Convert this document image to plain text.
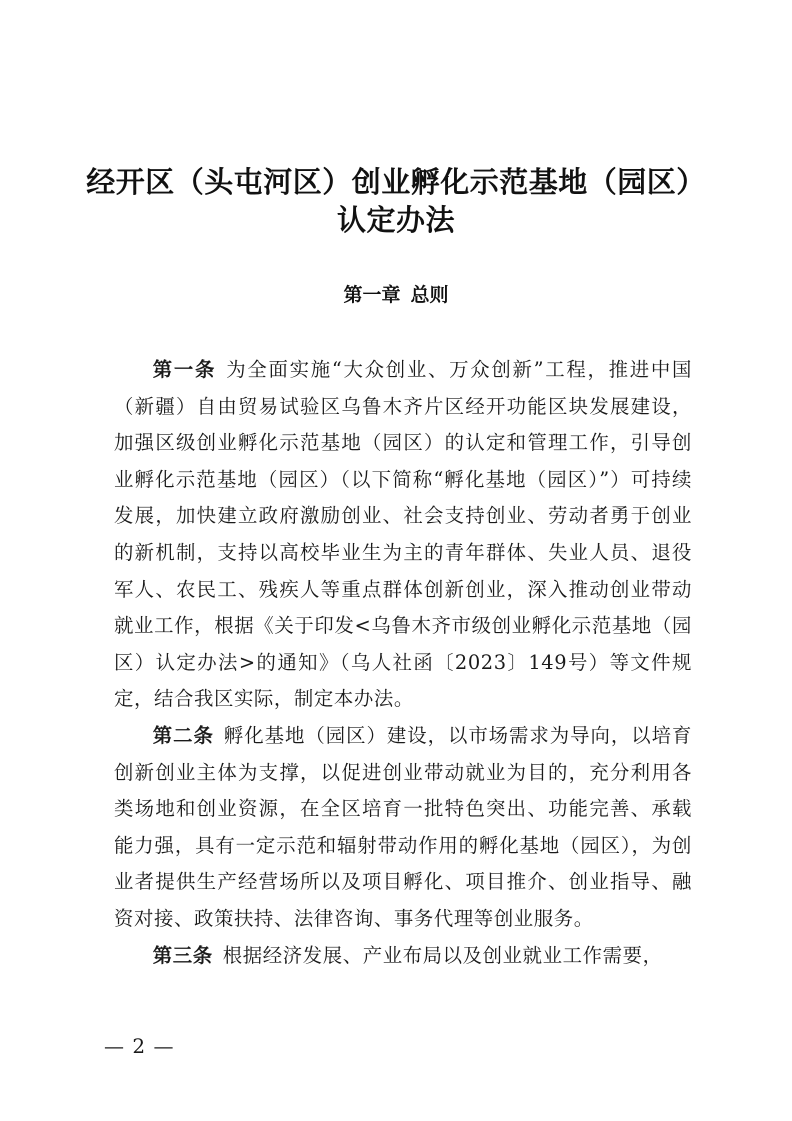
经开区（头屯河区）创业孵化示范基地（园区）
认定办法
第一章 总则

第一条 为全面实施“大众创业、万众创新”工程，推进中国（新疆）自由贸易试验区乌鲁木齐片区经开功能区块发展建设，加强区级创业孵化示范基地（园区）的认定和管理工作，引导创业孵化示范基地（园区）（以下简称“孵化基地（园区）”）可持续发展，加快建立政府激励创业、社会支持创业、劳动者勇于创业的新机制，支持以高校毕业生为主的青年群体、失业人员、退役军人、农民工、残疾人等重点群体创新创业，深入推动创业带动就业工作，根据《关于印发<乌鲁木齐市级创业孵化示范基地（园区）认定办法>的通知》（乌人社函〔2023〕149号）等文件规定，结合我区实际，制定本办法。

第二条 孵化基地（园区）建设，以市场需求为导向，以培育创新创业主体为支撑，以促进创业带动就业为目的，充分利用各类场地和创业资源，在全区培育一批特色突出、功能完善、承载能力强，具有一定示范和辐射带动作用的孵化基地（园区），为创业者提供生产经营场所以及项目孵化、项目推介、创业指导、融资对接、政策扶持、法律咨询、事务代理等创业服务。

第三条 根据经济发展、产业布局以及创业就业工作需要，

— 2 —
